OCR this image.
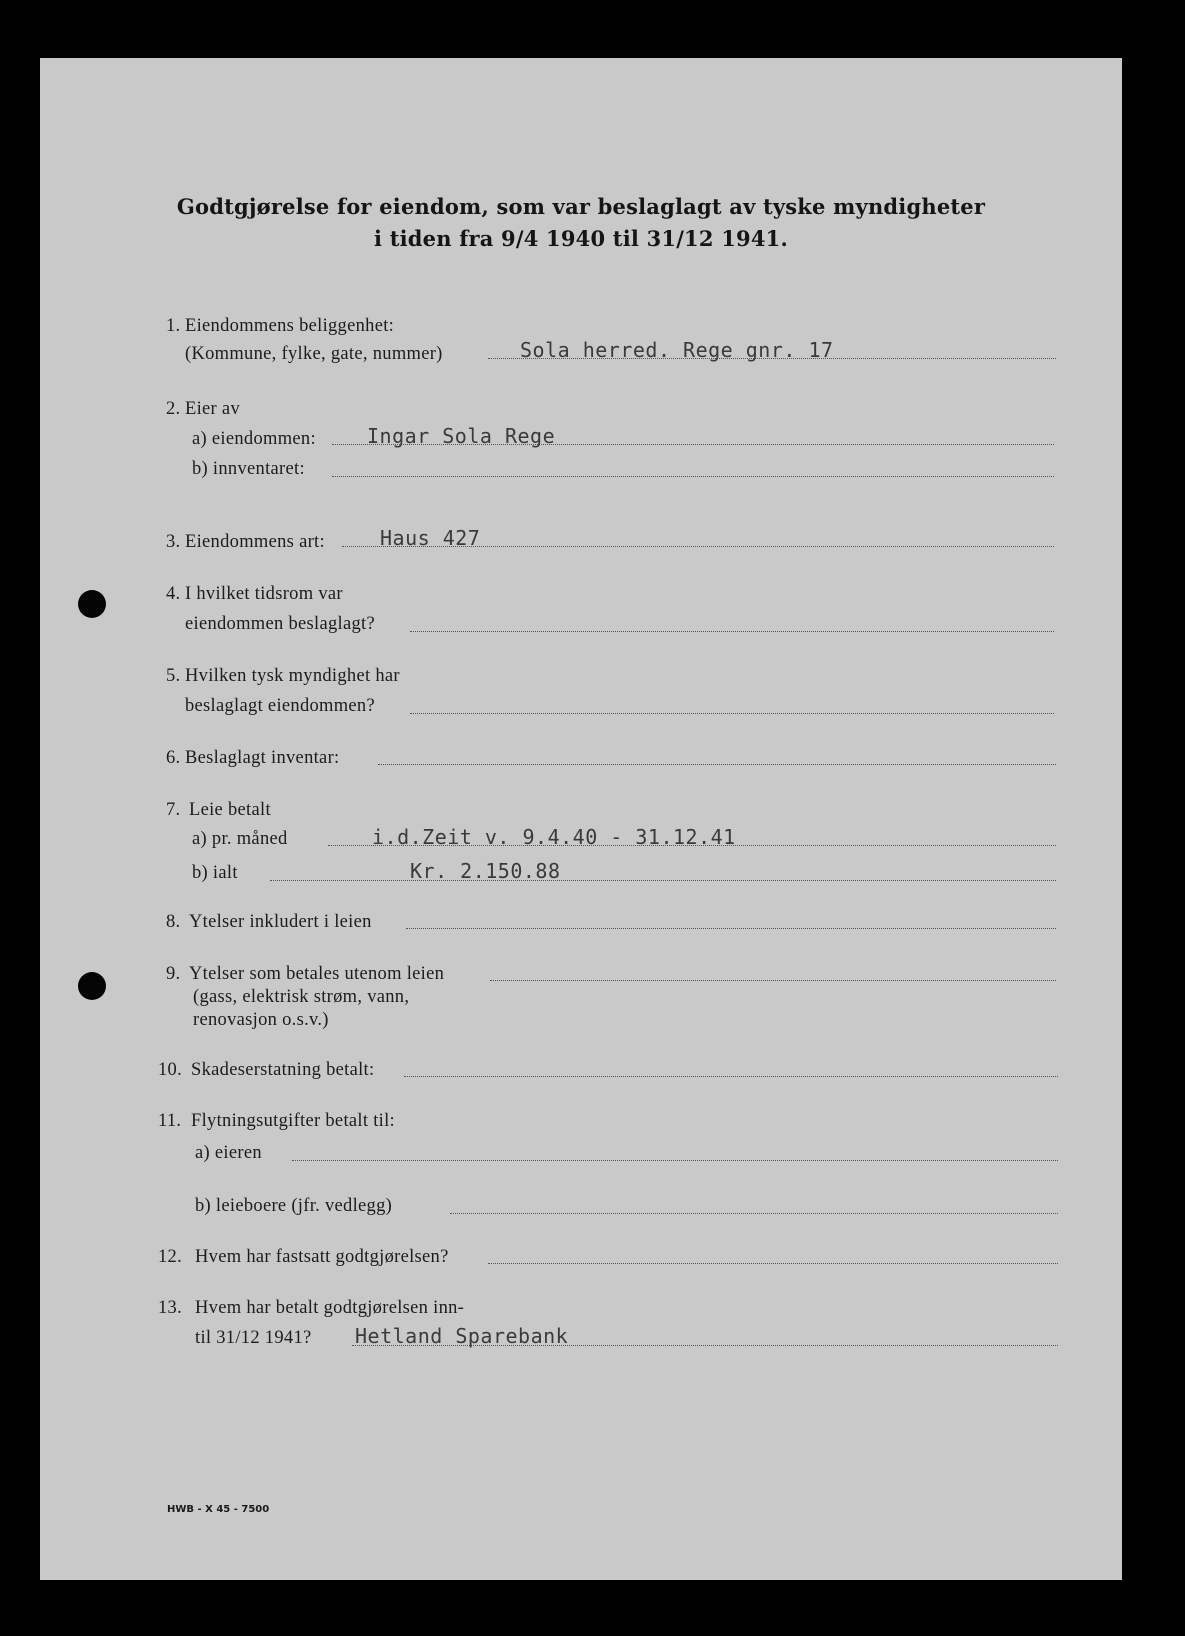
Godtgjørelse for eiendom, som var beslaglagt av tyske myndigheter
i tiden fra 9/4 1940 til 31/12 1941.
1. Eiendommens beliggenhet:
(Kommune, fylke, gate, nummer)	Sola herred. Rege gnr. 17
2. Eier av
a) eiendommen:	Ingar Sola Rege
b) innventaret:
3. Eiendommens art:	Haus 427
4. I hvilket tidsrom var
eiendommen beslaglagt?
5. Hvilken tysk myndighet har
beslaglagt eiendommen?
6. Beslaglagt inventar:
7. Leie betalt
a) pr. måned	i.d.Zeit v. 9.4.40 - 31.12.41
b) ialt	Kr. 2.150.88
8. Ytelser inkludert i leien
9. Ytelser som betales utenom leien
(gass, elektrisk strøm, vann,
renovasjon o.s.v.)
10. Skadeserstatning betalt:
11. Flytningsutgifter betalt til:
a) eieren
b) leieboere (jfr. vedlegg)
12. Hvem har fastsatt godtgjørelsen?
13. Hvem har betalt godtgjørelsen inn-
til 31/12 1941? Hetland Sparebank
HWB - X 45 - 7500
